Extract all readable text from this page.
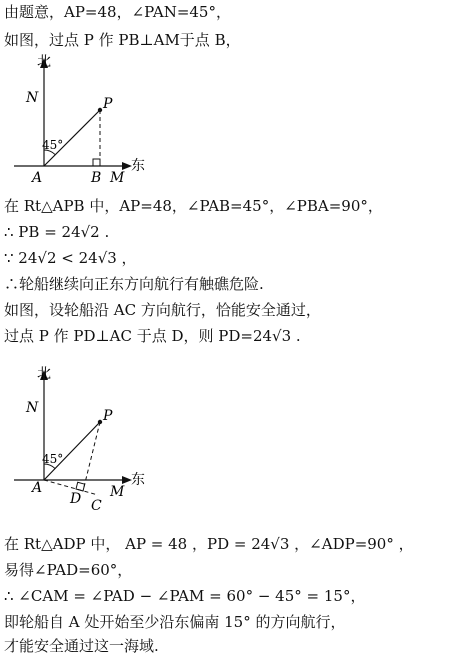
由题意，AP=48，∠PAN=45°，
如图，过点 P 作 PB⊥AM于点 B，
北
N
45°
P
A	B M
东
在 Rt△APB 中，AP=48，∠PAB=45°，∠PBA=90°，
∴ PB = 24√2 .
∵ 24√2 < 24√3 ，
∴轮船继续向正东方向航行有触礁危险.
如图，设轮船沿 AC 方向航行，恰能安全通过，
过点 P 作 PD⊥AC 于点 D，则 PD=24√3 .
北
N
45°
P
A
D C
M
东
在 Rt△ADP 中， AP = 48 ，PD = 24√3 ，∠ADP=90° ，
易得∠PAD=60°，
∴ ∠CAM = ∠PAD − ∠PAM = 60° − 45° = 15°，
即轮船自 A 处开始至少沿东偏南 15° 的方向航行，
才能安全通过这一海域.
